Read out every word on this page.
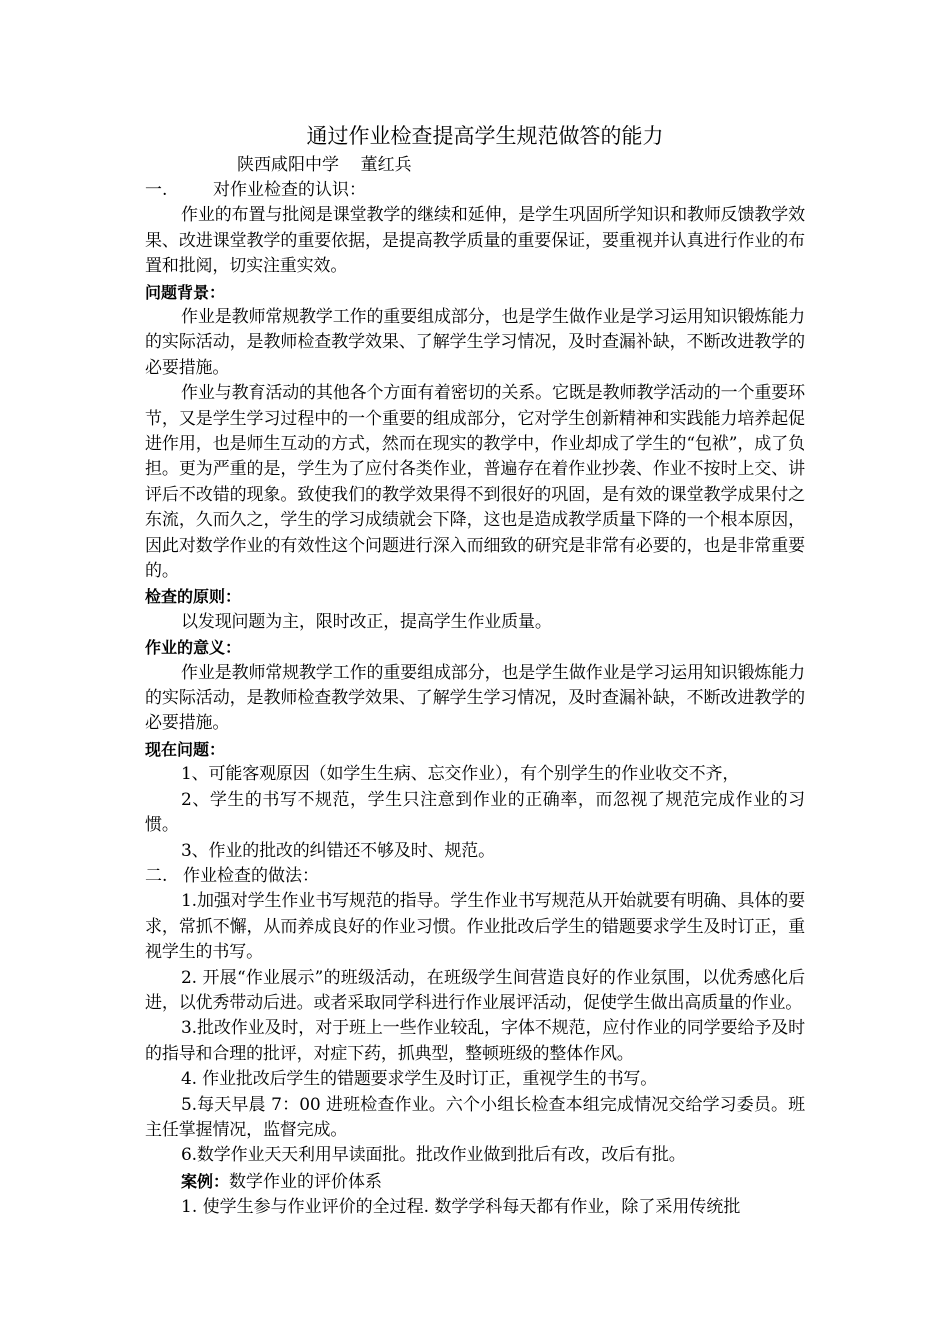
通过作业检查提高学生规范做答的能力
陕西咸阳中学    董红兵
一.	对作业检查的认识：
作业的布置与批阅是课堂教学的继续和延伸，是学生巩固所学知识和教师反馈教学效果、改进课堂教学的重要依据，是提高教学质量的重要保证，要重视并认真进行作业的布置和批阅，切实注重实效。
问题背景：
作业是教师常规教学工作的重要组成部分，也是学生做作业是学习运用知识锻炼能力的实际活动，是教师检查教学效果、了解学生学习情况，及时查漏补缺，不断改进教学的必要措施。
作业与教育活动的其他各个方面有着密切的关系。它既是教师教学活动的一个重要环节，又是学生学习过程中的一个重要的组成部分，它对学生创新精神和实践能力培养起促进作用，也是师生互动的方式，然而在现实的教学中，作业却成了学生的“包袱”，成了负担。更为严重的是，学生为了应付各类作业，普遍存在着作业抄袭、作业不按时上交、讲评后不改错的现象。致使我们的教学效果得不到很好的巩固，是有效的课堂教学成果付之东流，久而久之，学生的学习成绩就会下降，这也是造成教学质量下降的一个根本原因，因此对数学作业的有效性这个问题进行深入而细致的研究是非常有必要的，也是非常重要的。
检查的原则：
以发现问题为主，限时改正，提高学生作业质量。
作业的意义：
作业是教师常规教学工作的重要组成部分，也是学生做作业是学习运用知识锻炼能力的实际活动，是教师检查教学效果、了解学生学习情况，及时查漏补缺，不断改进教学的必要措施。
现在问题：
1、可能客观原因（如学生生病、忘交作业），有个别学生的作业收交不齐，
2、学生的书写不规范，学生只注意到作业的正确率，而忽视了规范完成作业的习惯。
3、作业的批改的纠错还不够及时、规范。
二. 作业检查的做法：
1.加强对学生作业书写规范的指导。学生作业书写规范从开始就要有明确、具体的要求，常抓不懈，从而养成良好的作业习惯。作业批改后学生的错题要求学生及时订正，重视学生的书写。
2. 开展“作业展示”的班级活动，在班级学生间营造良好的作业氛围，以优秀感化后进，以优秀带动后进。或者采取同学科进行作业展评活动，促使学生做出高质量的作业。
3.批改作业及时，对于班上一些作业较乱，字体不规范，应付作业的同学要给予及时的指导和合理的批评，对症下药，抓典型，整顿班级的整体作风。
4. 作业批改后学生的错题要求学生及时订正，重视学生的书写。
5.每天早晨 7：00 进班检查作业。六个小组长检查本组完成情况交给学习委员。班主任掌握情况，监督完成。
6.数学作业天天利用早读面批。批改作业做到批后有改，改后有批。
案例：数学作业的评价体系
1. 使学生参与作业评价的全过程. 数学学科每天都有作业，除了采用传统批
